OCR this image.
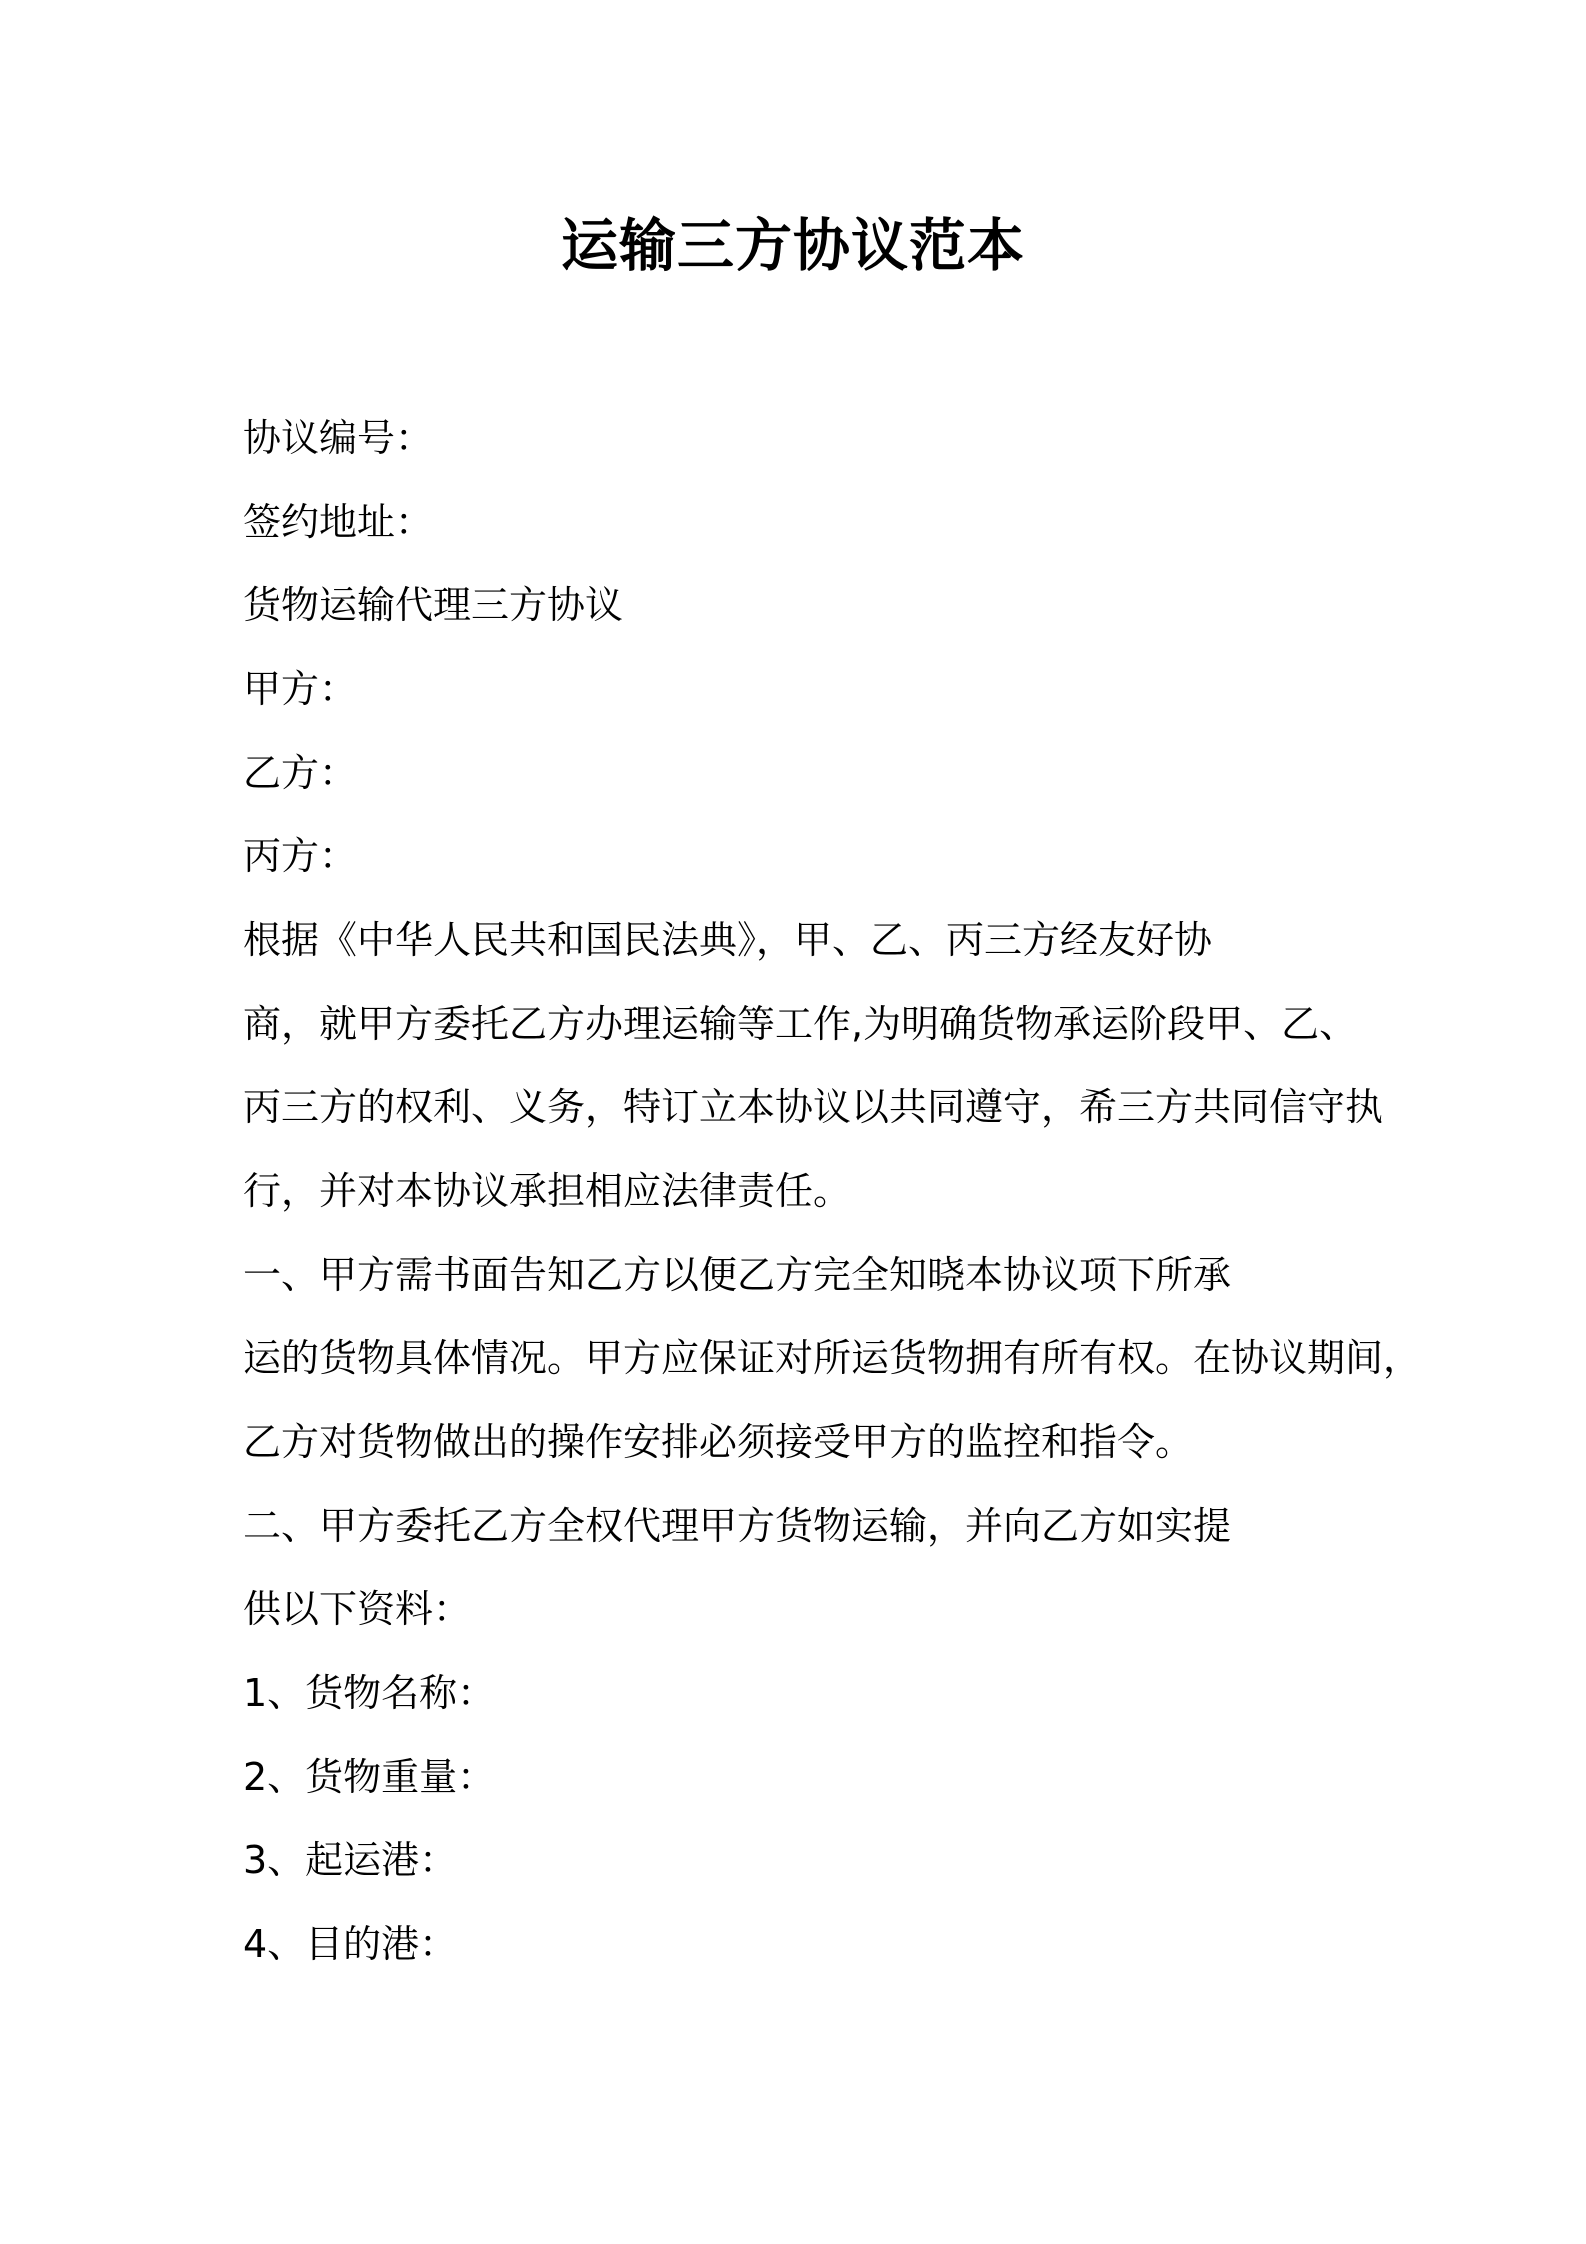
运输三方协议范本
协议编号：
签约地址：
货物运输代理三方协议
甲方：
乙方：
丙方：
根据《中华人民共和国民法典》，甲、乙、丙三方经友好协
商，就甲方委托乙方办理运输等工作,为明确货物承运阶段甲、乙、
丙三方的权利、义务，特订立本协议以共同遵守，希三方共同信守执
行，并对本协议承担相应法律责任。
一、甲方需书面告知乙方以便乙方完全知晓本协议项下所承
运的货物具体情况。甲方应保证对所运货物拥有所有权。在协议期间，
乙方对货物做出的操作安排必须接受甲方的监控和指令。
二、甲方委托乙方全权代理甲方货物运输，并向乙方如实提
供以下资料：
1、货物名称：
2、货物重量：
3、起运港：
4、目的港：
